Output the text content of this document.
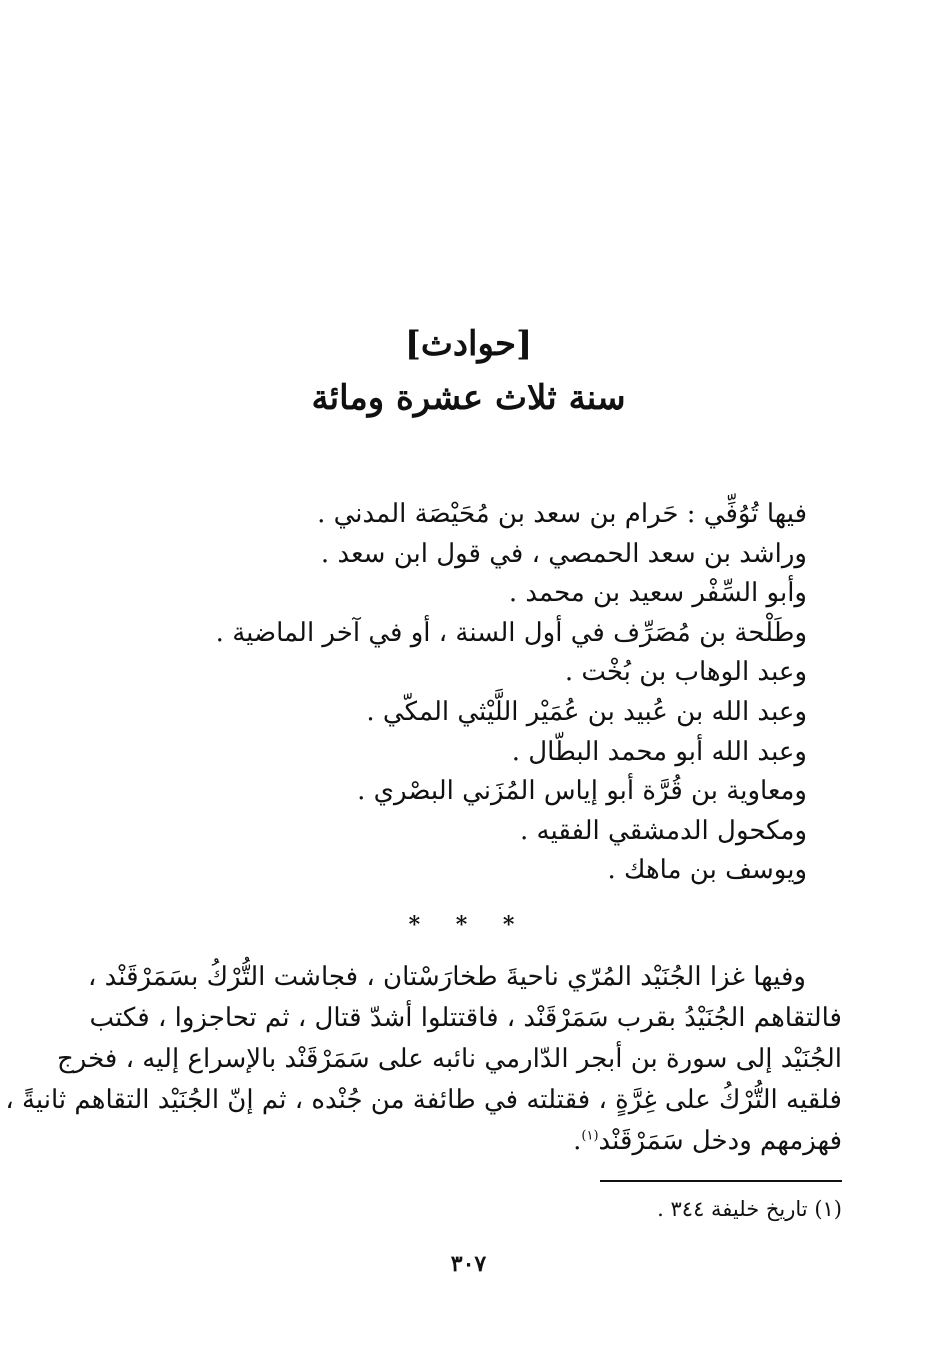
[حوادث]
سنة ثلاث عشرة ومائة
فيها تُوُفِّي : حَرام بن سعد بن مُحَيْصَة المدني .
وراشد بن سعد الحمصي ، في قول ابن سعد .
وأبو السِّفْر سعيد بن محمد .
وطَلْحة بن مُصَرِّف في أول السنة ، أو في آخر الماضية .
وعبد الوهاب بن بُخْت .
وعبد الله بن عُبيد بن عُمَيْر اللَّيْثي المكّي .
وعبد الله أبو محمد البطّال .
ومعاوية بن قُرَّة أبو إياس المُزَني البصْري .
ومكحول الدمشقي الفقيه .
ويوسف بن ماهك .
* * *
وفيها غزا الجُنَيْد المُرّي ناحيةَ طخارَسْتان ، فجاشت التُّرْكُ بسَمَرْقَنْد ،
فالتقاهم الجُنَيْدُ بقرب سَمَرْقَنْد ، فاقتتلوا أشدّ قتال ، ثم تحاجزوا ، فكتب
الجُنَيْد إلى سورة بن أبجر الدّارمي نائبه على سَمَرْقَنْد بالإسراع إليه ، فخرج
فلقيه التُّرْكُ على غِرَّةٍ ، فقتلته في طائفة من جُنْده ، ثم إنّ الجُنَيْد التقاهم ثانيةً ،
فهزمهم ودخل سَمَرْقَنْد$^{(١)}$.
(١) تاريخ خليفة ٣٤٤ .
٣٠٧
